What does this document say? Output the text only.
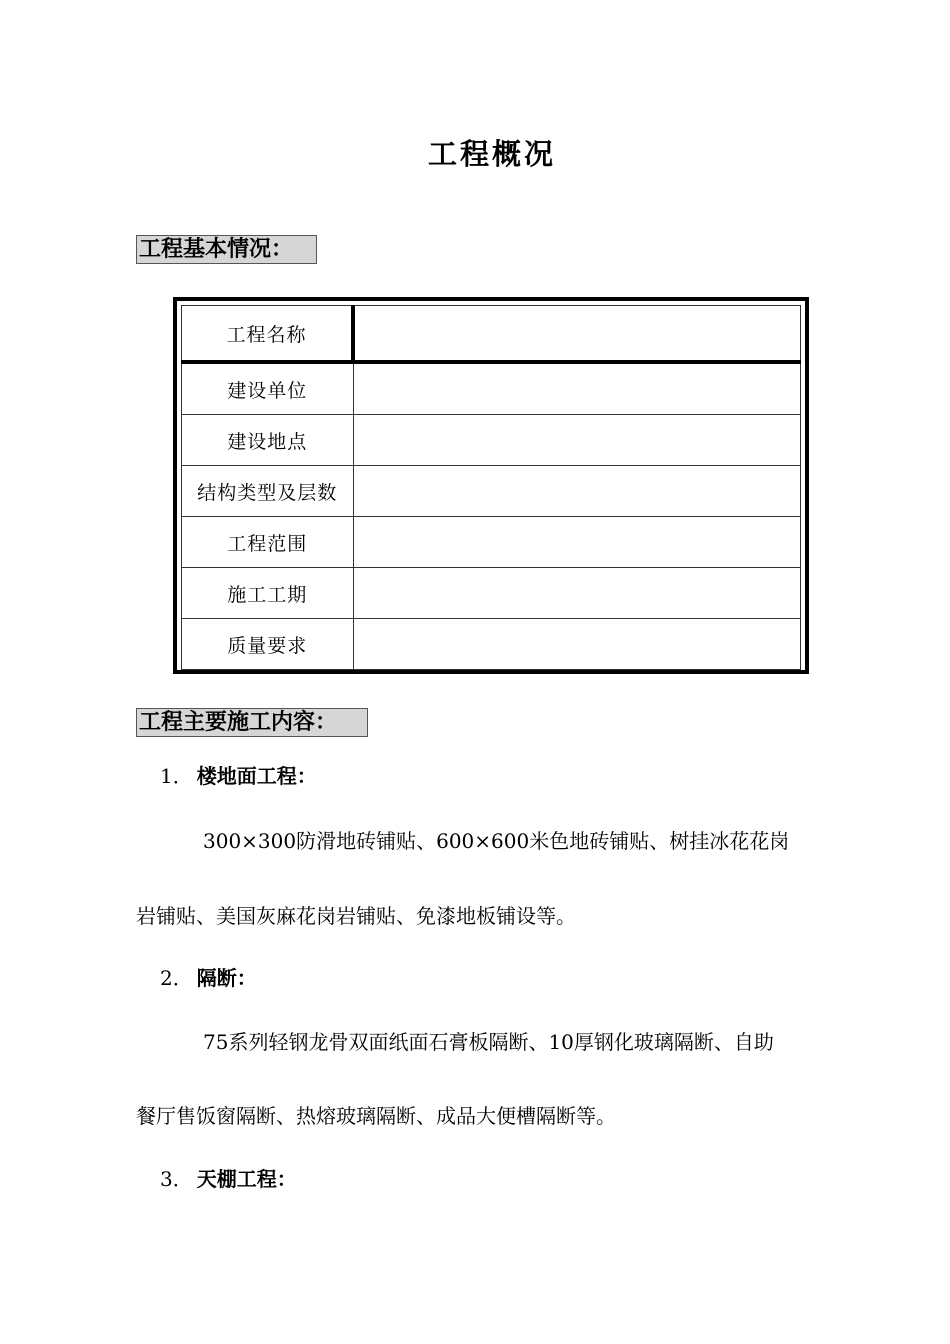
工程概况
工程基本情况：
工程名称	
建设单位	
建设地点	
结构类型及层数	
工程范围	
施工工期	
质量要求	
工程主要施工内容：
1． 楼地面工程：
300×300防滑地砖铺贴、600×600米色地砖铺贴、树挂冰花花岗
岩铺贴、美国灰麻花岗岩铺贴、免漆地板铺设等。
2． 隔断：
75系列轻钢龙骨双面纸面石膏板隔断、10厚钢化玻璃隔断、自助
餐厅售饭窗隔断、热熔玻璃隔断、成品大便槽隔断等。
3． 天棚工程：
